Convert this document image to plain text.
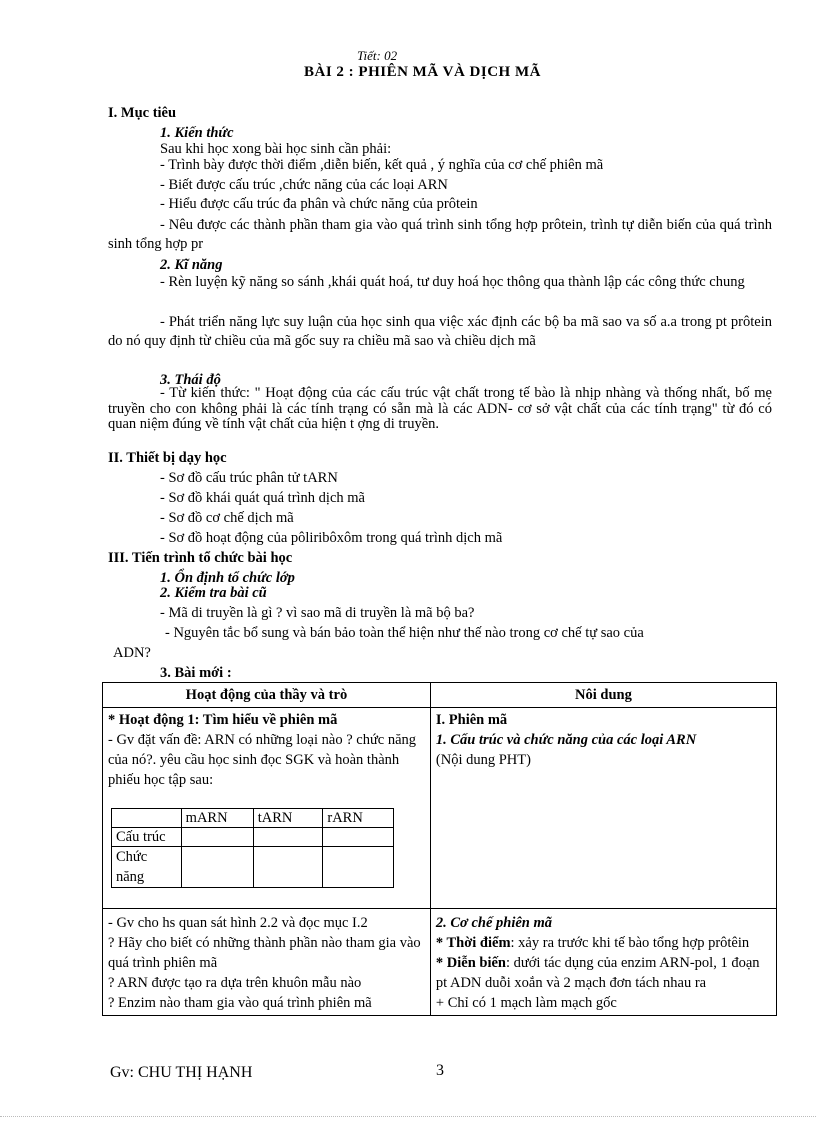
Tiết: 02
BÀI 2 : PHIÊN MÃ VÀ DỊCH MÃ
I. Mục tiêu
1. Kiến thức
Sau khi học xong bài học sinh cần phải:
- Trình bày được thời điểm ,diễn biến, kết quả , ý nghĩa của cơ chế phiên mã
- Biết được cấu trúc ,chức năng của các loại ARN
- Hiểu được cấu trúc đa phân và chức năng của prôtein
- Nêu được các thành phần tham gia vào quá trình sinh tổng hợp prôtein, trình tự diễn biến của quá trình sinh tổng hợp pr
2. Kĩ năng
- Rèn luyện kỹ năng so sánh ,khái quát hoá, tư duy hoá học thông qua thành lập các công thức chung
- Phát triển năng lực suy luận của học sinh qua việc xác định các bộ ba mã sao va số a.a trong pt prôtein do nó quy định từ chiều của mã gốc suy ra chiều mã sao và chiều dịch mã
3. Thái độ
- Từ kiến thức: " Hoạt động của các cấu trúc vật chất trong tế bào là nhịp nhàng và thống nhất, bố mẹ truyền cho con không phải là các tính trạng có sẵn mà là các ADN- cơ sở vật chất của các tính trạng" từ đó có quan niệm đúng về tính vật chất của hiện t ợng di truyền.
II. Thiết bị dạy học
- Sơ đồ cấu trúc phân tử tARN
- Sơ đồ khái quát quá trình dịch mã
- Sơ đồ cơ chế dịch mã
- Sơ đồ hoạt động của pôliribôxôm trong quá trình dịch mã
III. Tiến trình tổ chức bài học
1. Ổn định tổ chức lớp
2. Kiểm tra bài cũ
- Mã di truyền là gì ? vì sao mã di truyền là mã bộ ba?
- Nguyên tắc bổ sung và bán bảo toàn thể hiện như thế nào trong cơ chế tự sao của
ADN?
3. Bài mới :
Hoạt động của thầy và trò	Nôi dung

* Hoạt động 1: Tìm hiểu về phiên mã
- Gv đặt vấn đề: ARN có những loại nào ? chức năng của nó?. yêu cầu học sinh đọc SGK và hoàn thành phiếu học tập sau:
	mARN	tARN	rARN
Cấu trúc			
Chức năng			

I. Phiên mã
1. Cấu trúc và chức năng của các loại ARN
(Nội dung PHT)

- Gv cho hs quan sát hình 2.2 và đọc mục I.2
? Hãy cho biết có những thành phần nào tham gia vào quá trình phiên mã
? ARN được tạo ra dựa trên khuôn mẫu nào
? Enzim nào tham gia vào quá trình phiên mã

2. Cơ chế phiên mã
* Thời điểm: xảy ra trước khi tế bào tổng hợp prôtêin
* Diễn biến: dưới tác dụng của enzim ARN-pol, 1 đoạn pt ADN duỗi xoắn và 2 mạch đơn tách nhau ra
+ Chỉ có 1 mạch làm mạch gốc
Gv: CHU THỊ HẠNH	3
